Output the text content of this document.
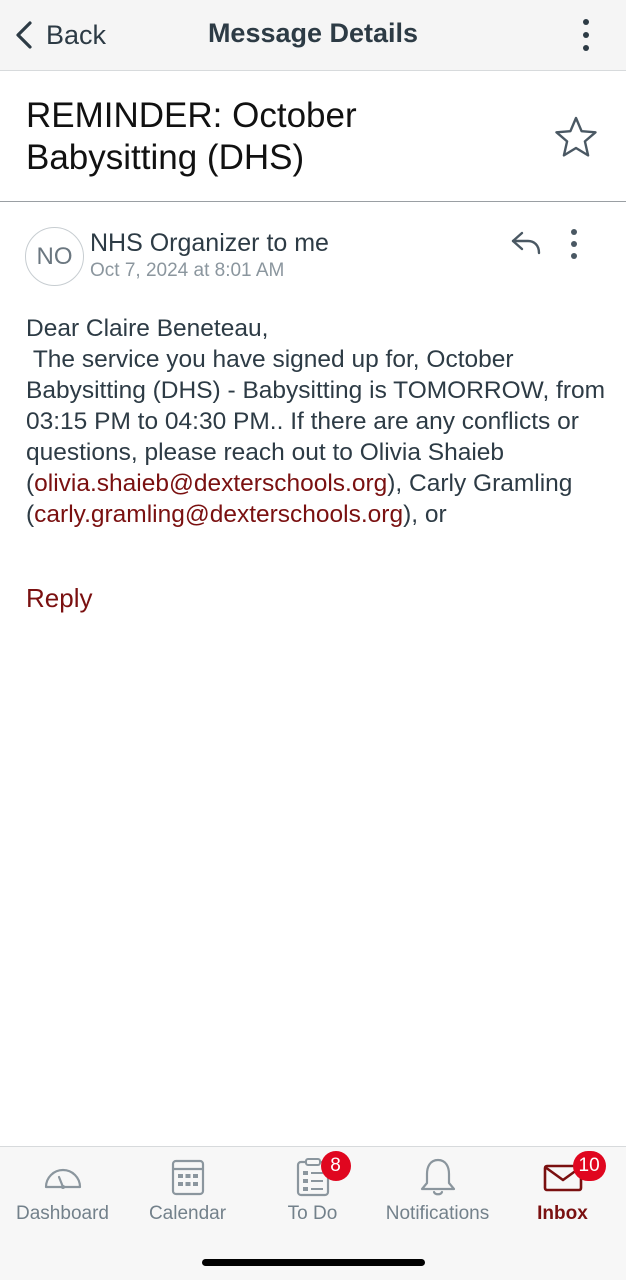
Back	Message Details
REMINDER: October Babysitting (DHS)
NO NHS Organizer to me
Oct 7, 2024 at 8:01 AM
Dear Claire Beneteau,
The service you have signed up for, October Babysitting (DHS) - Babysitting is TOMORROW, from 03:15 PM to 04:30 PM.. If there are any conflicts or questions, please reach out to Olivia Shaieb (olivia.shaieb@dexterschools.org), Carly Gramling (carly.gramling@dexterschools.org), or
Reply
Dashboard Calendar
8
To Do	Notifications
10
Inbox
